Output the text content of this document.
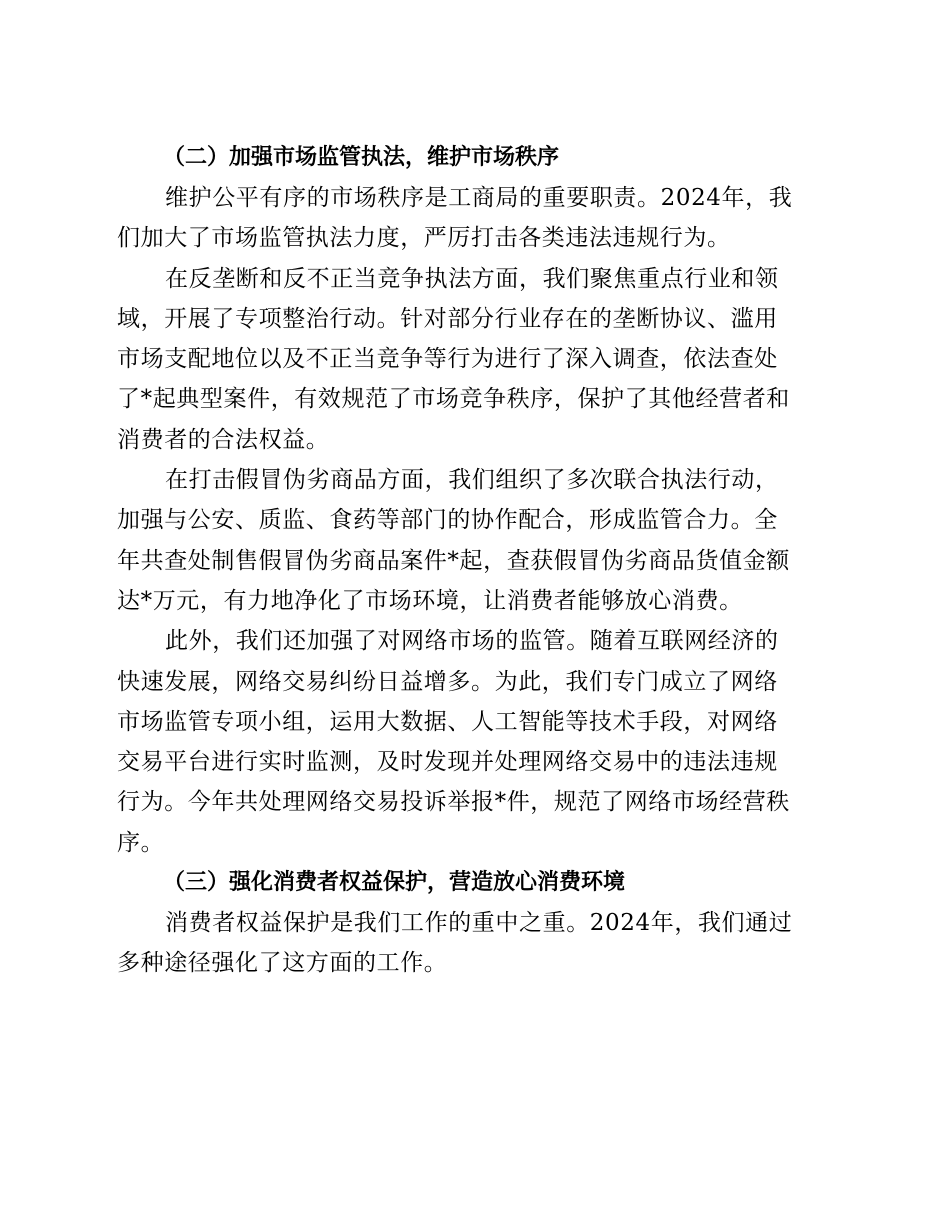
（二）加强市场监管执法，维护市场秩序

维护公平有序的市场秩序是工商局的重要职责。2024年，我
们加大了市场监管执法力度，严厉打击各类违法违规行为。

在反垄断和反不正当竞争执法方面，我们聚焦重点行业和领
域，开展了专项整治行动。针对部分行业存在的垄断协议、滥用
市场支配地位以及不正当竞争等行为进行了深入调查，依法查处
了*起典型案件，有效规范了市场竞争秩序，保护了其他经营者和
消费者的合法权益。

在打击假冒伪劣商品方面，我们组织了多次联合执法行动，
加强与公安、质监、食药等部门的协作配合，形成监管合力。全
年共查处制售假冒伪劣商品案件*起，查获假冒伪劣商品货值金额
达*万元，有力地净化了市场环境，让消费者能够放心消费。

此外，我们还加强了对网络市场的监管。随着互联网经济的
快速发展，网络交易纠纷日益增多。为此，我们专门成立了网络
市场监管专项小组，运用大数据、人工智能等技术手段，对网络
交易平台进行实时监测，及时发现并处理网络交易中的违法违规
行为。今年共处理网络交易投诉举报*件，规范了网络市场经营秩
序。

（三）强化消费者权益保护，营造放心消费环境

消费者权益保护是我们工作的重中之重。2024年，我们通过
多种途径强化了这方面的工作。
